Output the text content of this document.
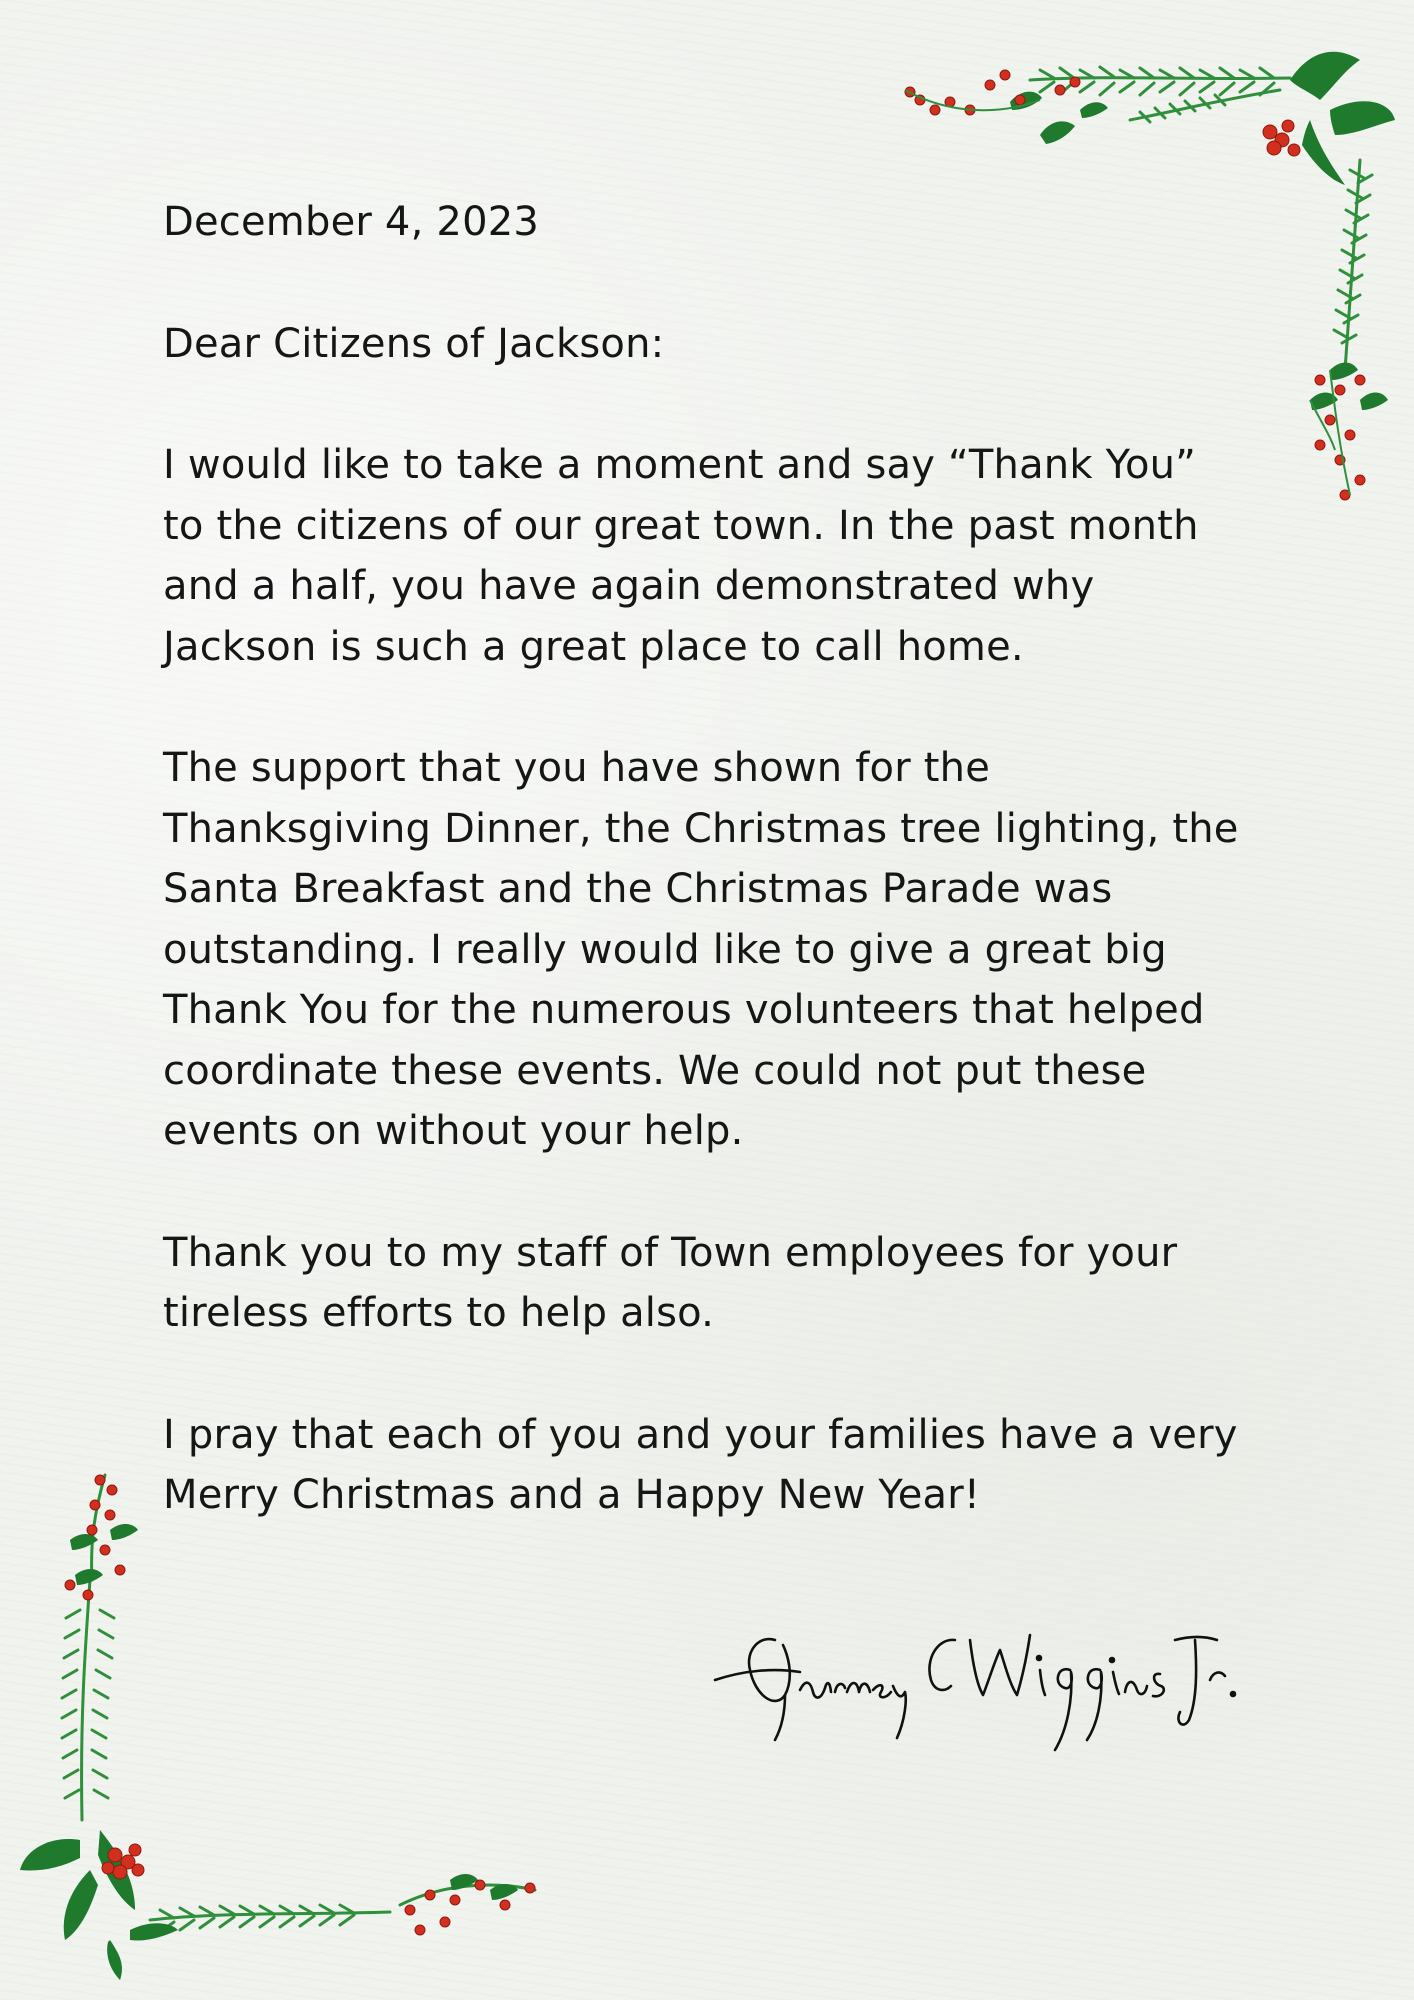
December 4, 2023

Dear Citizens of Jackson:

I would like to take a moment and say “Thank You”
to the citizens of our great town. In the past month
and a half, you have again demonstrated why
Jackson is such a great place to call home.

The support that you have shown for the
Thanksgiving Dinner, the Christmas tree lighting, the
Santa Breakfast and the Christmas Parade was
outstanding. I really would like to give a great big
Thank You for the numerous volunteers that helped
coordinate these events. We could not put these
events on without your help.

Thank you to my staff of Town employees for your
tireless efforts to help also.

I pray that each of you and your families have a very
Merry Christmas and a Happy New Year!
